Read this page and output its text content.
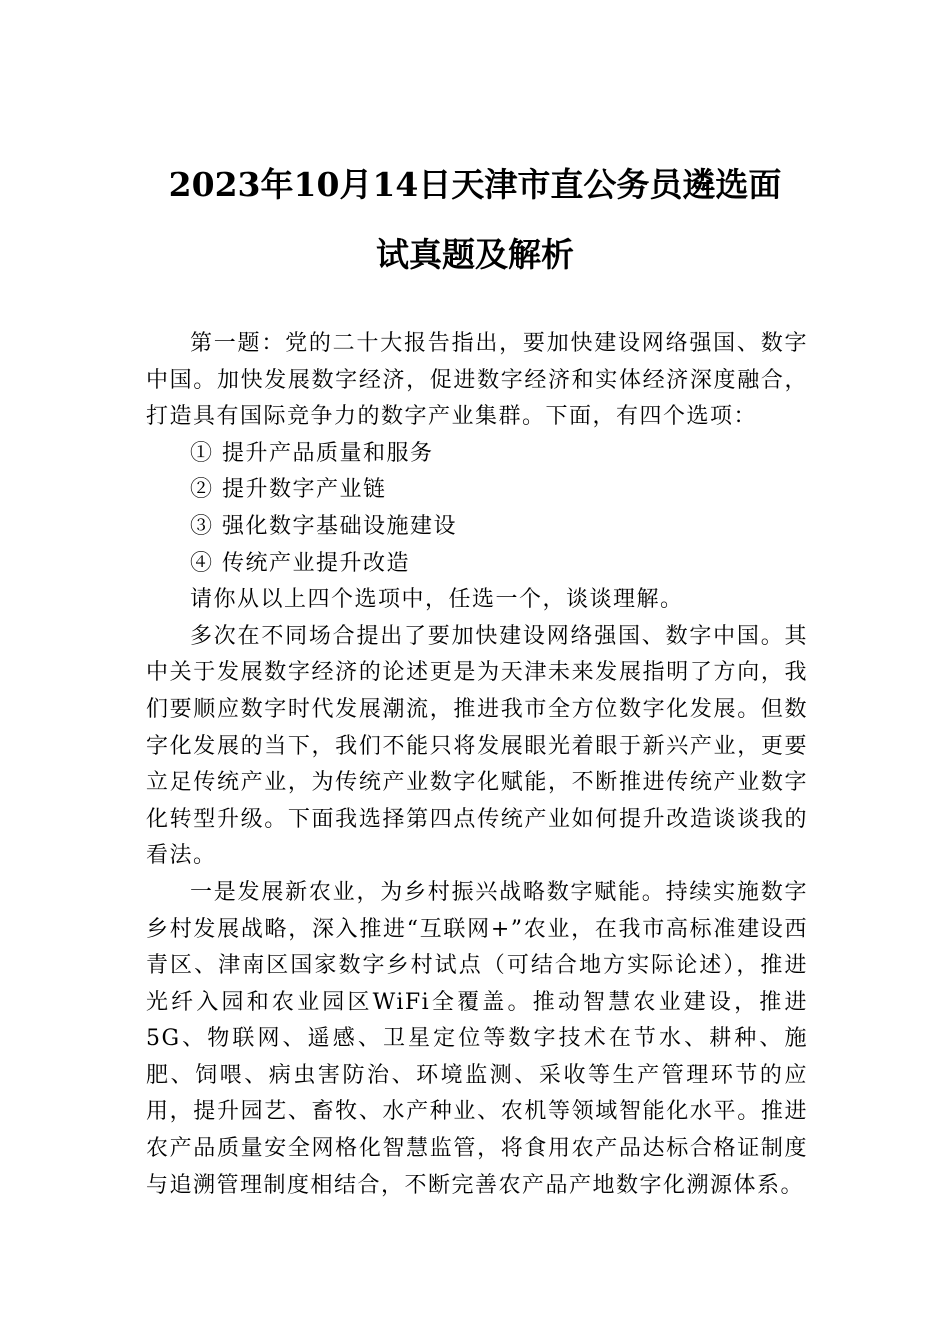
2023年10月14日天津市直公务员遴选面
试真题及解析

第一题：党的二十大报告指出，要加快建设网络强国、数字中国。加快发展数字经济，促进数字经济和实体经济深度融合，打造具有国际竞争力的数字产业集群。下面，有四个选项：

① 提升产品质量和服务

② 提升数字产业链

③ 强化数字基础设施建设

④ 传统产业提升改造

请你从以上四个选项中，任选一个，谈谈理解。

多次在不同场合提出了要加快建设网络强国、数字中国。其中关于发展数字经济的论述更是为天津未来发展指明了方向，我们要顺应数字时代发展潮流，推进我市全方位数字化发展。但数字化发展的当下，我们不能只将发展眼光着眼于新兴产业，更要立足传统产业，为传统产业数字化赋能，不断推进传统产业数字化转型升级。下面我选择第四点传统产业如何提升改造谈谈我的看法。

一是发展新农业，为乡村振兴战略数字赋能。持续实施数字乡村发展战略，深入推进“互联网+”农业，在我市高标准建设西青区、津南区国家数字乡村试点（可结合地方实际论述），推进光纤入园和农业园区WiFi全覆盖。推动智慧农业建设，推进5G、物联网、遥感、卫星定位等数字技术在节水、耕种、施肥、饲喂、病虫害防治、环境监测、采收等生产管理环节的应用，提升园艺、畜牧、水产种业、农机等领域智能化水平。推进农产品质量安全网格化智慧监管，将食用农产品达标合格证制度与追溯管理制度相结合，不断完善农产品产地数字化溯源体系。
